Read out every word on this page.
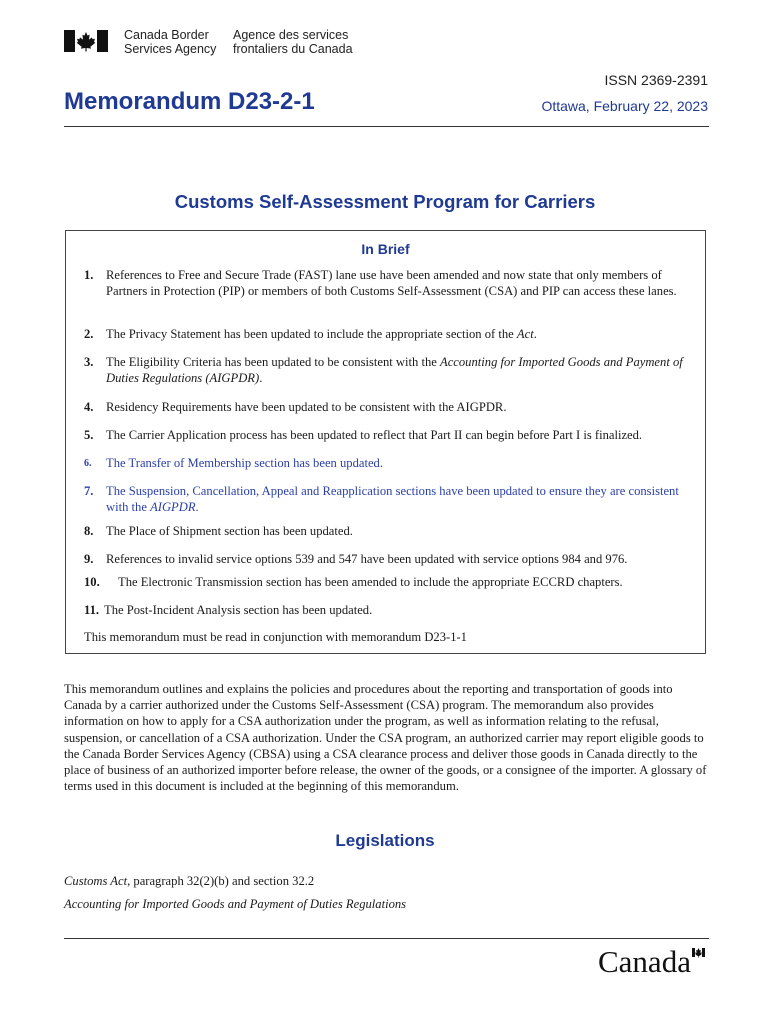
Canada Border
Services Agency
Agence des services
frontaliers du Canada
ISSN 2369-2391
Memorandum D23-2-1	Ottawa, February 22, 2023
Customs Self-Assessment Program for Carriers
In Brief
1. References to Free and Secure Trade (FAST) lane use have been amended and now state that only members of Partners in Protection (PIP) or members of both Customs Self-Assessment (CSA) and PIP can access these lanes.
2. The Privacy Statement has been updated to include the appropriate section of the Act.
3. The Eligibility Criteria has been updated to be consistent with the Accounting for Imported Goods and Payment of Duties Regulations (AIGPDR).
4. Residency Requirements have been updated to be consistent with the AIGPDR.
5. The Carrier Application process has been updated to reflect that Part II can begin before Part I is finalized.
6.	The Transfer of Membership section has been updated.
7. The Suspension, Cancellation, Appeal and Reapplication sections have been updated to ensure they are consistent with the AIGPDR.
8. The Place of Shipment section has been updated.
9. References to invalid service options 539 and 547 have been updated with service options 984 and 976.
10.	The Electronic Transmission section has been amended to include the appropriate ECCRD chapters.
11. The Post-Incident Analysis section has been updated.
This memorandum must be read in conjunction with memorandum D23-1-1

This memorandum outlines and explains the policies and procedures about the reporting and transportation of goods into Canada by a carrier authorized under the Customs Self-Assessment (CSA) program. The memorandum also provides information on how to apply for a CSA authorization under the program, as well as information relating to the refusal, suspension, or cancellation of a CSA authorization. Under the CSA program, an authorized carrier may report eligible goods to the Canada Border Services Agency (CBSA) using a CSA clearance process and deliver those goods in Canada directly to the place of business of an authorized importer before release, the owner of the goods, or a consignee of the importer. A glossary of terms used in this document is included at the beginning of this memorandum.

Legislations

Customs Act, paragraph 32(2)(b) and section 32.2

Accounting for Imported Goods and Payment of Duties Regulations

Canada
